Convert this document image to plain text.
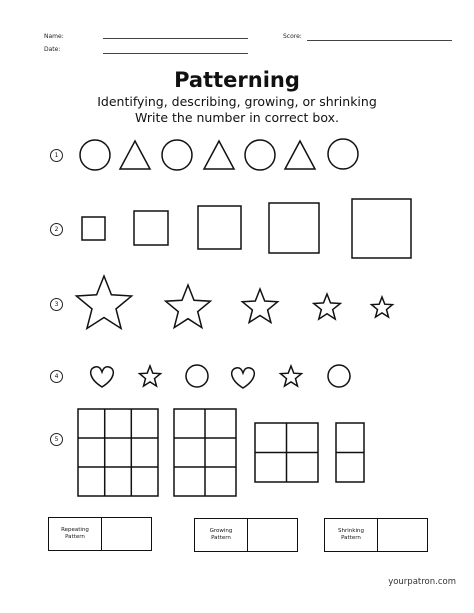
Name:	Score:
Date:
Patterning
Identifying, describing, growing, or shrinking
Write the number in correct box.
1
2
3
4
5
Repeating
Pattern
Growing
Pattern
Shrinking
Pattern
yourpatron.com
